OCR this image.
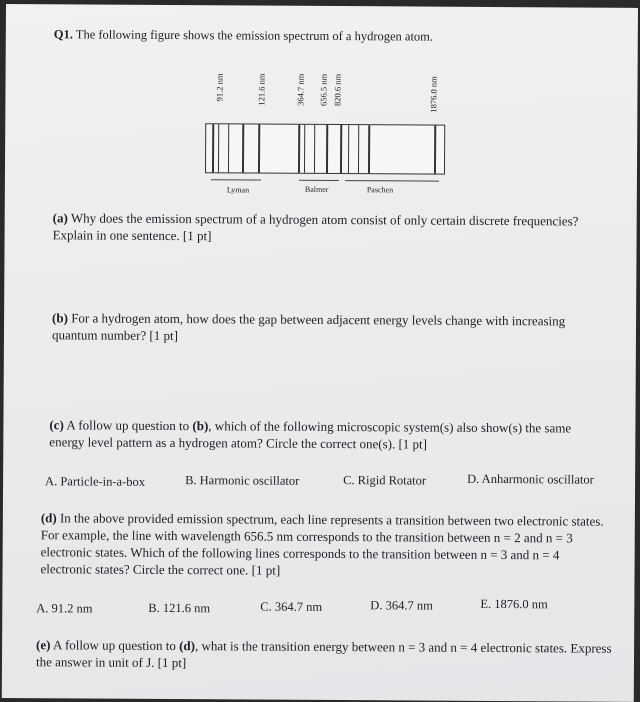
Q1. The following figure shows the emission spectrum of a hydrogen atom.
91.2 nm	121.6 nm	364.7 nm 656.5 nm 820.6 nm	1876.0 nm
Lyman	Balmer	Paschen
(a) Why does the emission spectrum of a hydrogen atom consist of only certain discrete frequencies? Explain in one sentence. [1 pt]
(b) For a hydrogen atom, how does the gap between adjacent energy levels change with increasing quantum number? [1 pt]
(c) A follow up question to (b), which of the following microscopic system(s) also show(s) the same energy level pattern as a hydrogen atom? Circle the correct one(s). [1 pt]
A. Particle-in-a-box	B. Harmonic oscillator	C. Rigid Rotator	D. Anharmonic oscillator
(d) In the above provided emission spectrum, each line represents a transition between two electronic states. For example, the line with wavelength 656.5 nm corresponds to the transition between n = 2 and n = 3 electronic states. Which of the following lines corresponds to the transition between n = 3 and n = 4 electronic states? Circle the correct one. [1 pt]
A. 91.2 nm	B. 121.6 nm	C. 364.7 nm	D. 364.7 nm	E. 1876.0 nm
(e) A follow up question to (d), what is the transition energy between n = 3 and n = 4 electronic states. Express the answer in unit of J. [1 pt]
